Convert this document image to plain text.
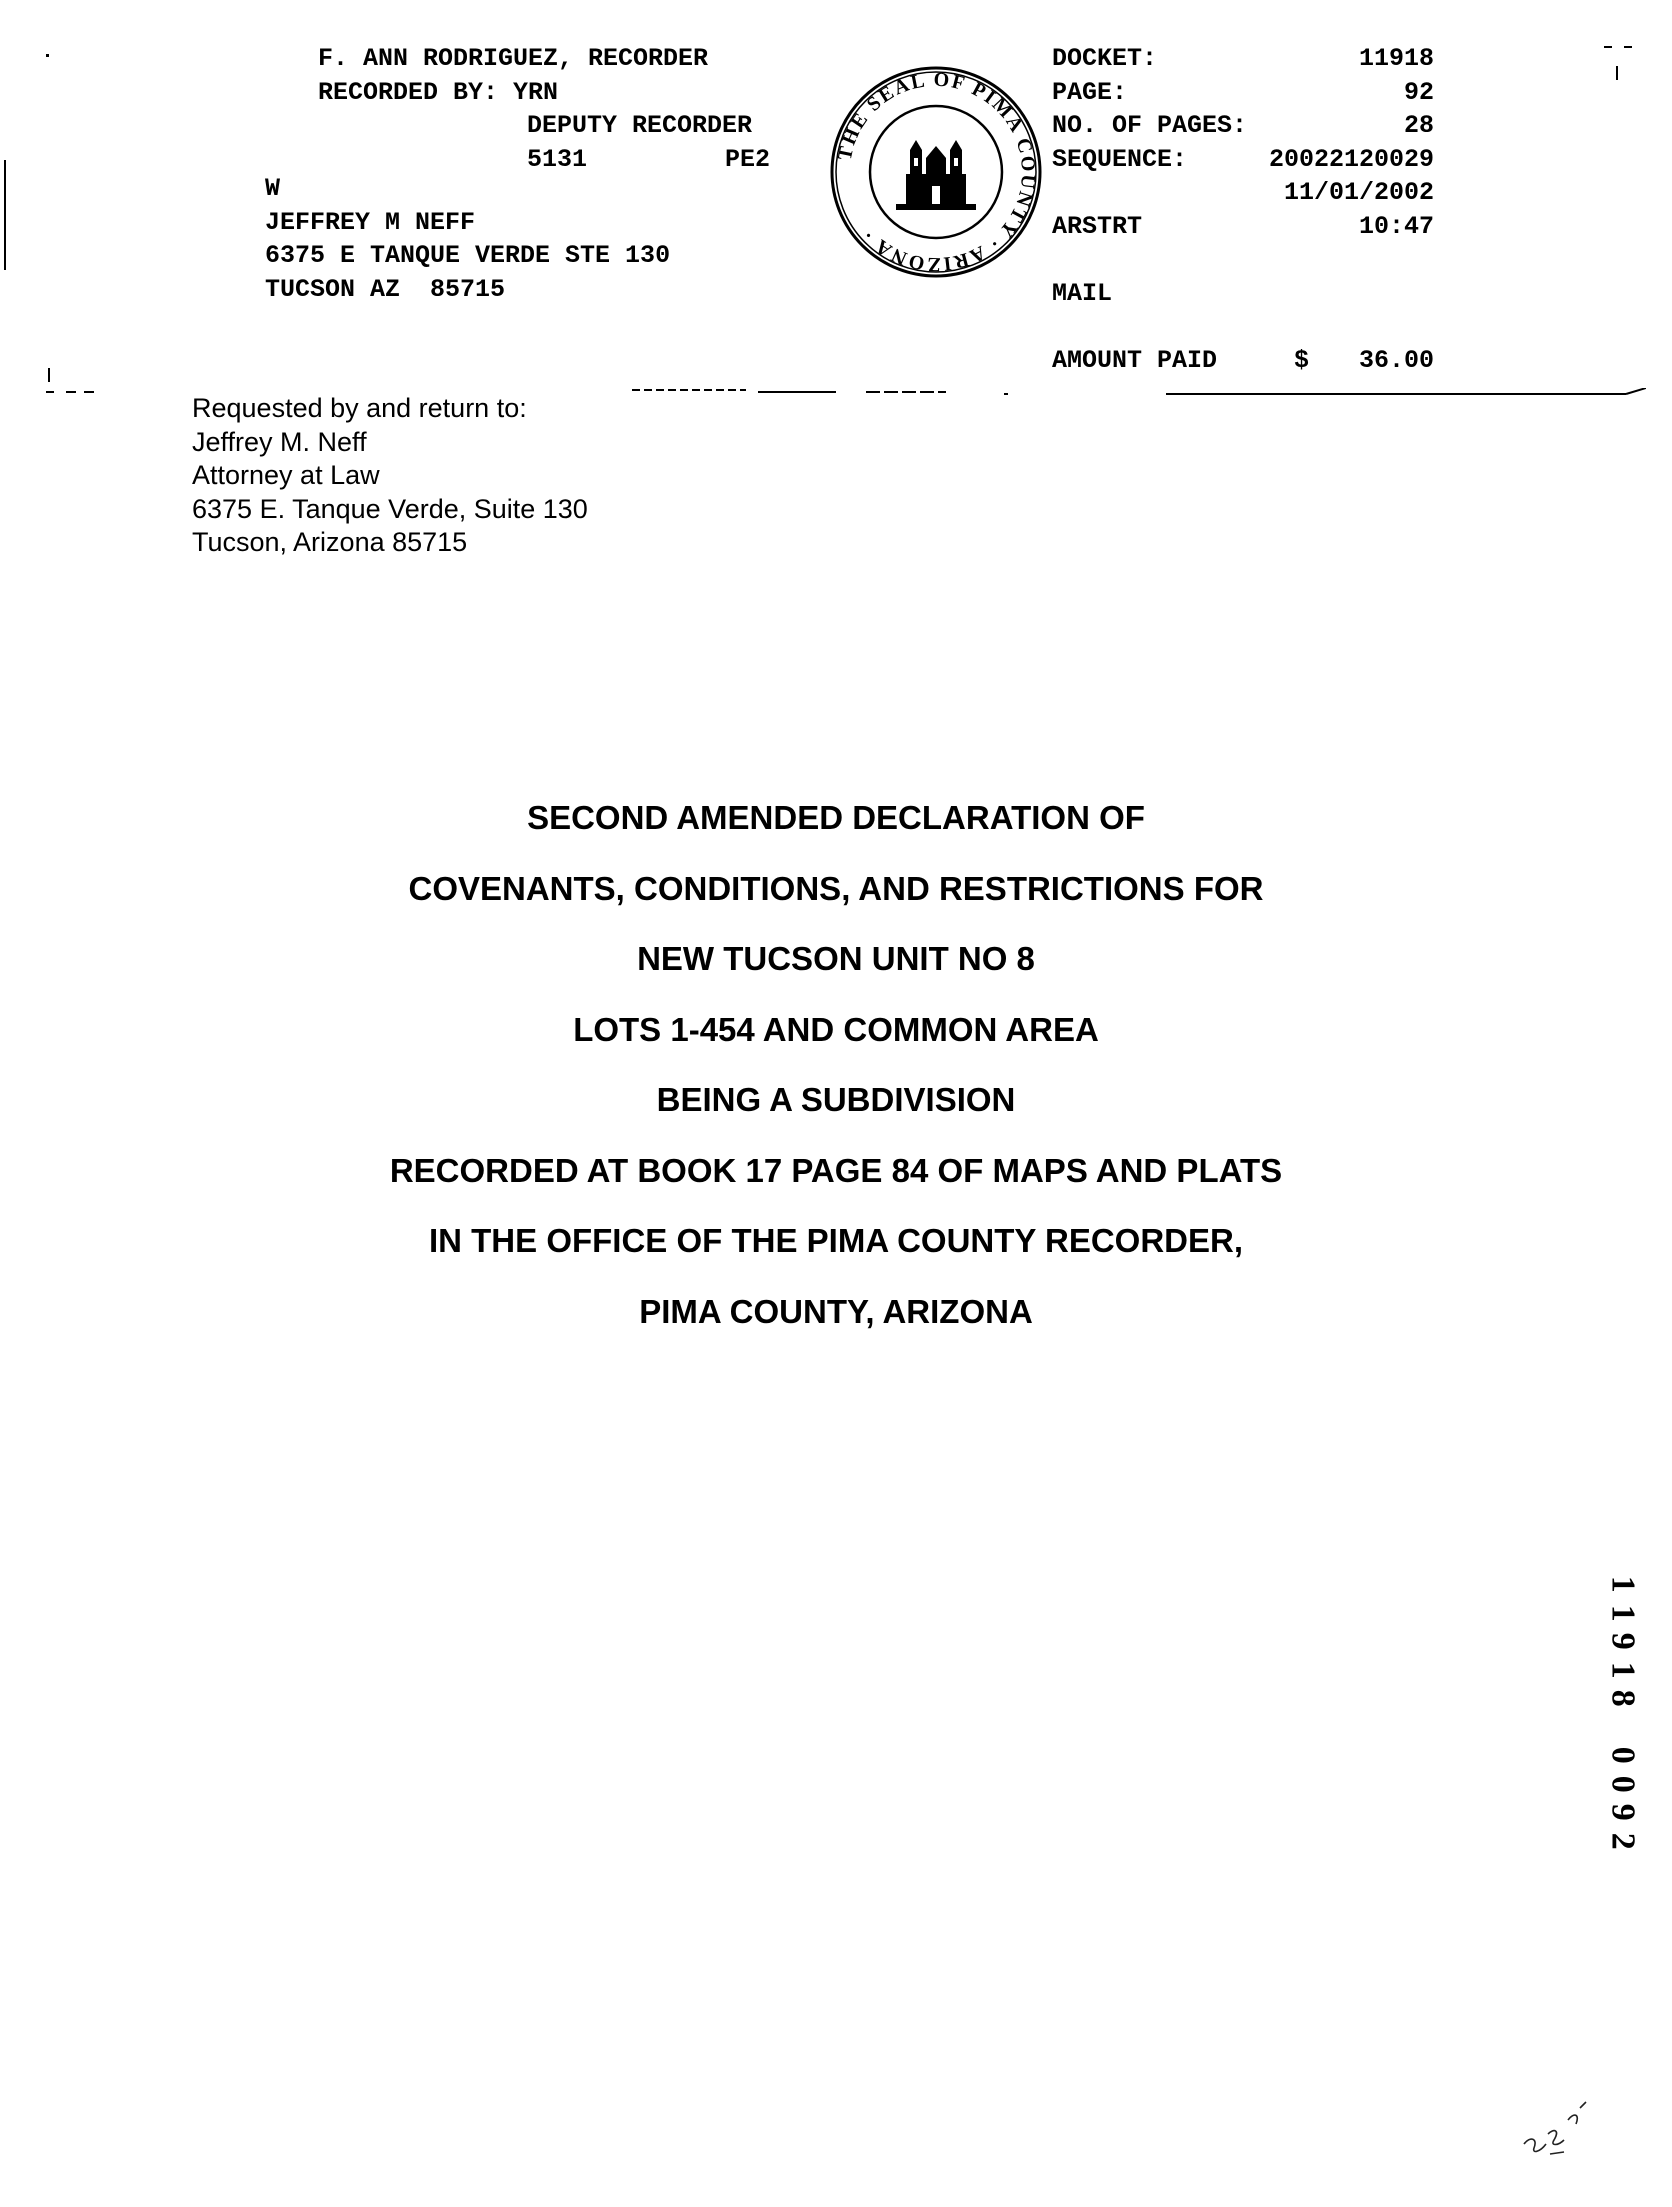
F. ANN RODRIGUEZ, RECORDER
RECORDED BY: YRN
DEPUTY RECORDER
5131	PE2
W
JEFFREY M NEFF
6375 E TANQUE VERDE STE 130
TUCSON AZ  85715
THE SEAL OF PIMA COUNTY · ARIZONA ·
DOCKET:	11918
PAGE:	92
NO. OF PAGES:	28
SEQUENCE:	20022120029
11/01/2002
ARSTRT	10:47
MAIL
AMOUNT PAID	$ 36.00
Requested by and return to:
Jeffrey M. Neff
Attorney at Law
6375 E. Tanque Verde, Suite 130
Tucson, Arizona 85715
SECOND AMENDED DECLARATION OF
COVENANTS, CONDITIONS, AND RESTRICTIONS FOR
NEW TUCSON UNIT NO 8
LOTS 1-454 AND COMMON AREA
BEING A SUBDIVISION
RECORDED AT BOOK 17 PAGE 84 OF MAPS AND PLATS
IN THE OFFICE OF THE PIMA COUNTY RECORDER,
PIMA COUNTY, ARIZONA
1
1
9
1
8

0
0
9
2
